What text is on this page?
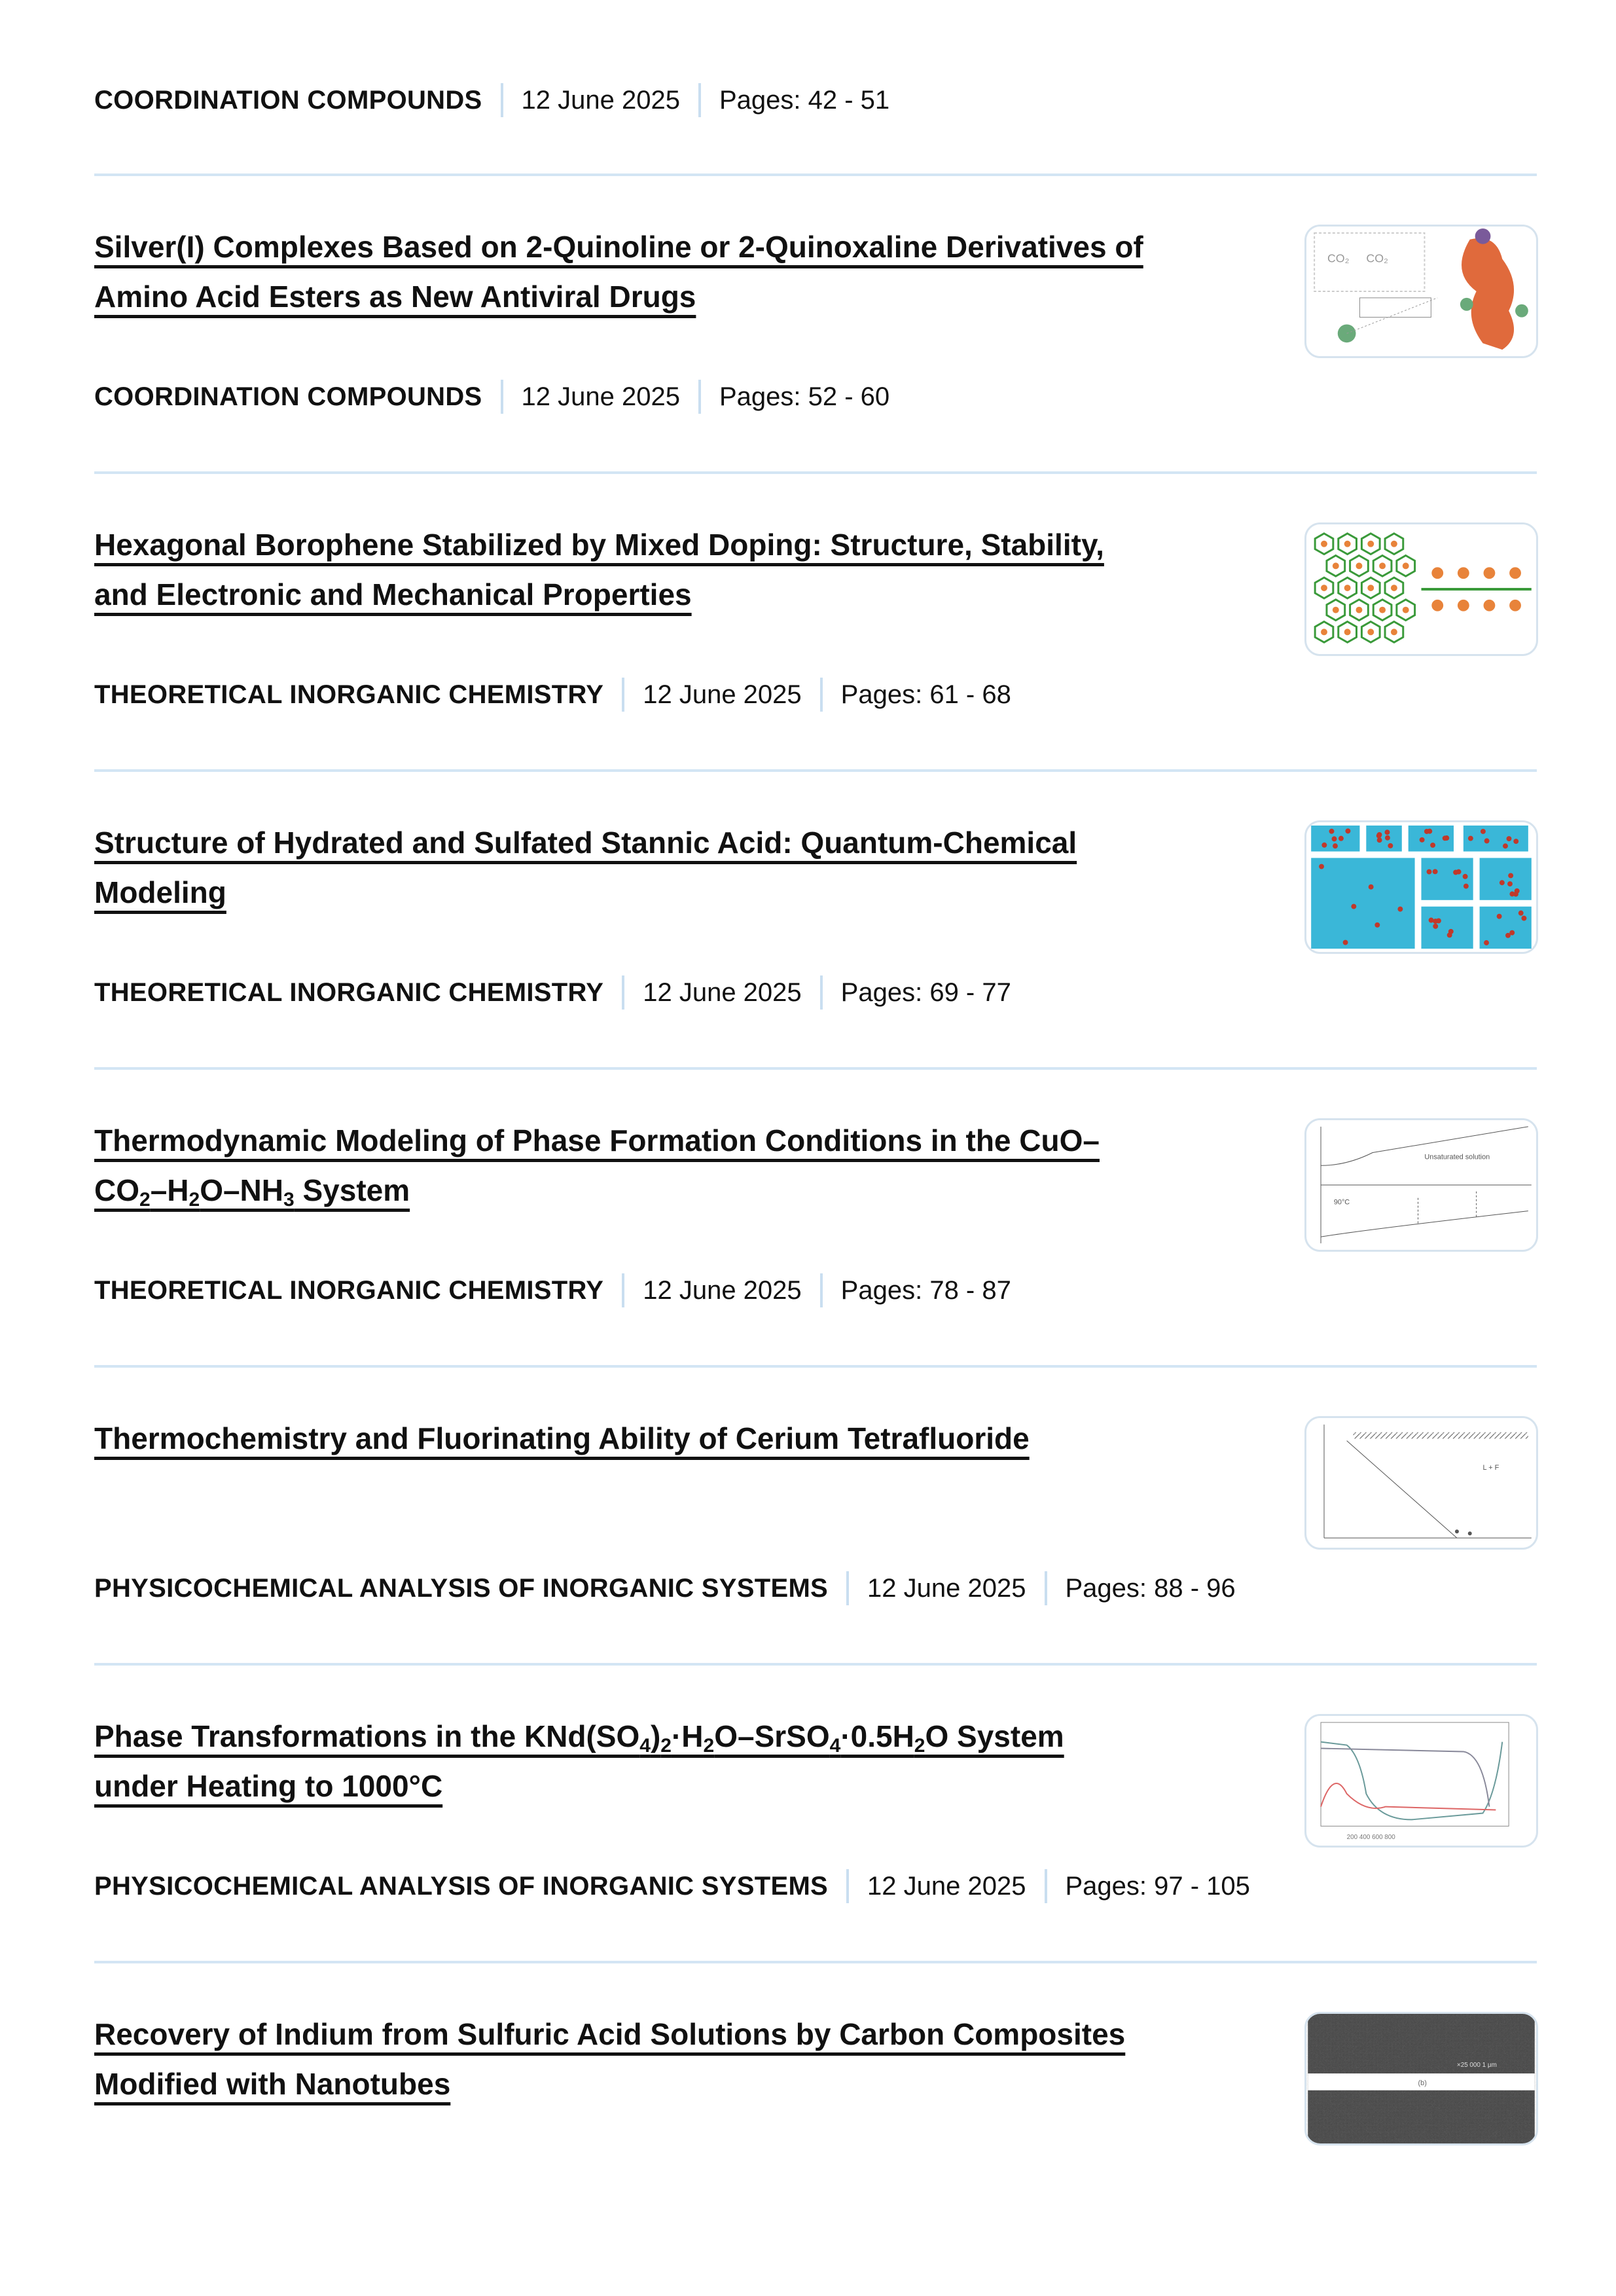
COORDINATION COMPOUNDS 12 June 2025 Pages: 42 - 51
Silver(I) Complexes Based on 2-Quinoline or 2-Quinoxaline Derivatives of
Amino Acid Esters as New Antiviral Drugs
CO₂ CO₂
COORDINATION COMPOUNDS 12 June 2025 Pages: 52 - 60
Hexagonal Borophene Stabilized by Mixed Doping: Structure, Stability,
and Electronic and Mechanical Properties
THEORETICAL INORGANIC CHEMISTRY 12 June 2025 Pages: 61 - 68
Structure of Hydrated and Sulfated Stannic Acid: Quantum-Chemical
Modeling
THEORETICAL INORGANIC CHEMISTRY 12 June 2025 Pages: 69 - 77
Thermodynamic Modeling of Phase Formation Conditions in the CuO–
$CO_2-H_2O-NH_3$ System
Unsaturated solution
90°C
THEORETICAL INORGANIC CHEMISTRY 12 June 2025 Pages: 78 - 87
Thermochemistry and Fluorinating Ability of Cerium Tetrafluoride
L + F
PHYSICOCHEMICAL ANALYSIS OF INORGANIC SYSTEMS 12 June 2025 Pages: 88 - 96
Phase Transformations in the $KNd(SO_4)_2\cdot H_2O-SrSO_4\cdot 0.5H_2O$ System
under Heating to 1000°C
200 400 600 800
PHYSICOCHEMICAL ANALYSIS OF INORGANIC SYSTEMS 12 June 2025 Pages: 97 - 105
Recovery of Indium from Sulfuric Acid Solutions by Carbon Composites
Modified with Nanotubes	(b)
×25 000 1 μm
